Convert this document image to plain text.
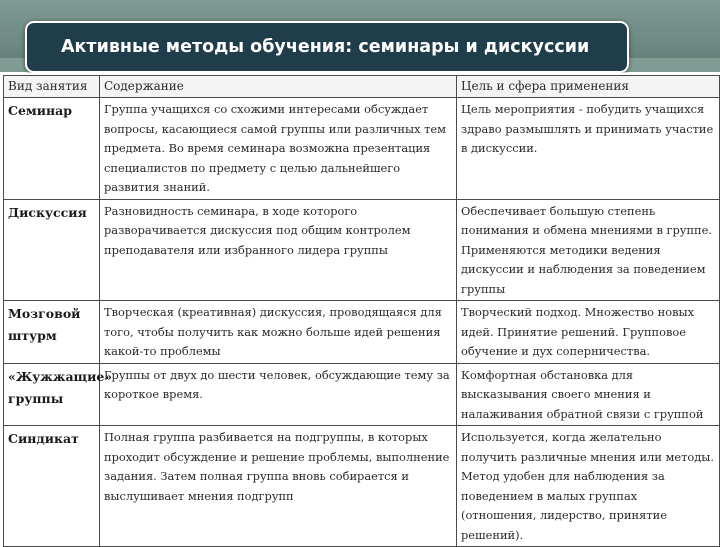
Активные методы обучения: семинары и дискуссии
Вид занятия	Содержание	Цель и сфера применения
Семинар	Группа учащихся со схожими интересами обсуждает вопросы, касающиеся самой группы или различных тем предмета. Во время семинара возможна презентация специалистов по предмету с целью дальнейшего развития знаний.	Цель мероприятия - побудить учащихся здраво размышлять и принимать участие в дискуссии.
Дискуссия	Разновидность семинара, в ходе которого разворачивается дискуссия под общим контролем преподавателя или избранного лидера группы	Обеспечивает большую степень понимания и обмена мнениями в группе. Применяются методики ведения дискуссии и наблюдения за поведением группы
Мозговой штурм	Творческая (креативная) дискуссия, проводящаяся для того, чтобы получить как можно больше идей решения какой-то проблемы	Творческий подход. Множество новых идей. Принятие решений. Групповое обучение и дух соперничества.
«Жужжащие» группы	Группы от двух до шести человек, обсуждающие тему за короткое время.	Комфортная обстановка для высказывания своего мнения и налаживания обратной связи с группой
Синдикат	Полная группа разбивается на подгруппы, в которых проходит обсуждение и решение проблемы, выполнение задания. Затем полная группа вновь собирается и выслушивает мнения подгрупп	Используется, когда желательно получить различные мнения или методы. Метод удобен для наблюдения за поведением в малых группах (отношения, лидерство, принятие решений).
